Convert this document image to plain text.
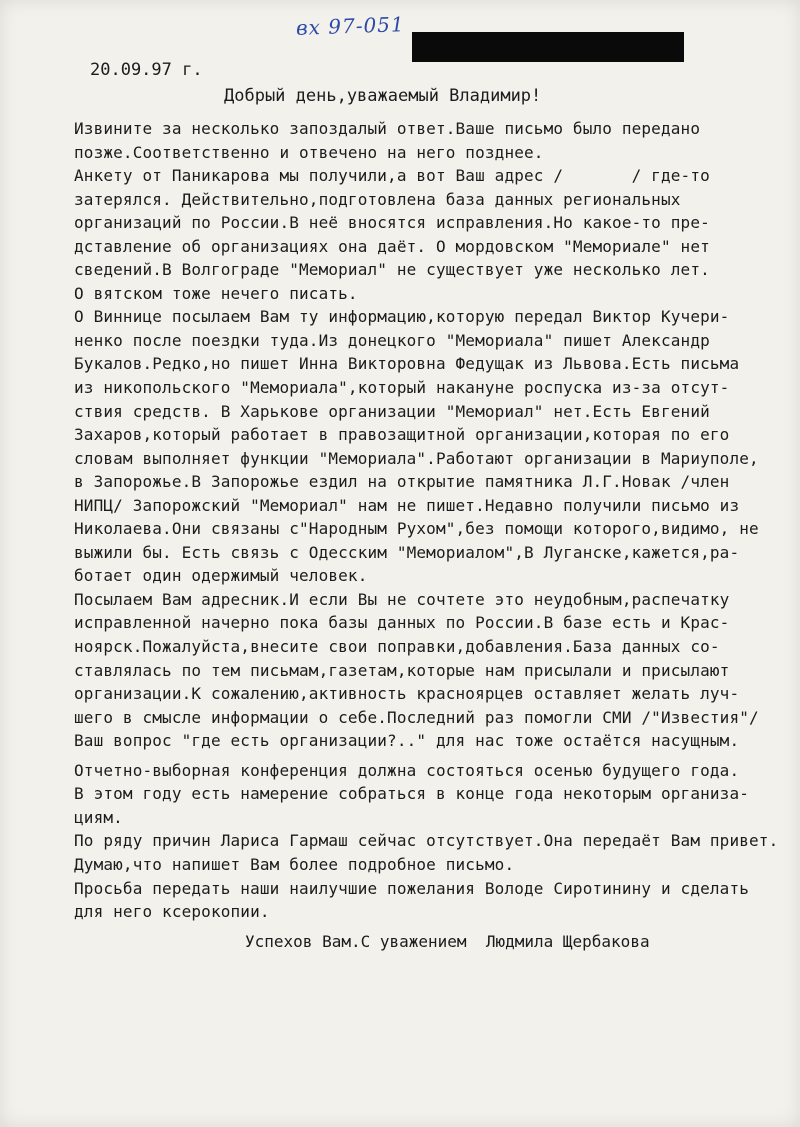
вх 97-051
20.09.97 г.
Добрый день,уважаемый Владимир!
Извините за несколько запоздалый ответ.Ваше письмо было передано
позже.Соответственно и отвечено на него позднее.
Анкету от Паникарова мы получили,а вот Ваш адрес /       / где-то
затерялся. Действительно,подготовлена база данных региональных
организаций по России.В неё вносятся исправления.Но какое-то пре-
дставление об организациях она даёт. О мордовском "Мемориале" нет
сведений.В Волгограде "Мемориал" не существует уже несколько лет.
О вятском тоже нечего писать.
О Виннице посылаем Вам ту информацию,которую передал Виктор Кучери-
ненко после поездки туда.Из донецкого "Мемориала" пишет Александр
Букалов.Редко,но пишет Инна Викторовна Федущак из Львова.Есть письма
из никопольского "Мемориала",который накануне роспуска из-за отсут-
ствия средств. В Харькове организации "Мемориал" нет.Есть Евгений
Захаров,который работает в правозащитной организации,которая по его
словам выполняет функции "Мемориала".Работают организации в Мариуполе,
в Запорожье.В Запорожье ездил на открытие памятника Л.Г.Новак /член
НИПЦ/ Запорожский "Мемориал" нам не пишет.Недавно получили письмо из
Николаева.Они связаны с"Народным Рухом",без помощи которого,видимо, не
выжили бы. Есть связь с Одесским "Мемориалом",В Луганске,кажется,ра-
ботает один одержимый человек.
Посылаем Вам адресник.И если Вы не сочтете это неудобным,распечатку
исправленной начерно пока базы данных по России.В базе есть и Крас-
ноярск.Пожалуйста,внесите свои поправки,добавления.База данных со-
ставлялась по тем письмам,газетам,которые нам присылали и присылают
организации.К сожалению,активность красноярцев оставляет желать луч-
шего в смысле информации о себе.Последний раз помогли СМИ /"Известия"/
Ваш вопрос "где есть организации?.." для нас тоже остаётся насущным.
Отчетно-выборная конференция должна состояться осенью будущего года.
В этом году есть намерение собраться в конце года некоторым организа-
циям.
По ряду причин Лариса Гармаш сейчас отсутствует.Она передаёт Вам привет.
Думаю,что напишет Вам более подробное письмо.
Просьба передать наши наилучшие пожелания Володе Сиротинину и сделать
для него ксерокопии.
Успехов Вам.С уважением  Людмила Щербакова
